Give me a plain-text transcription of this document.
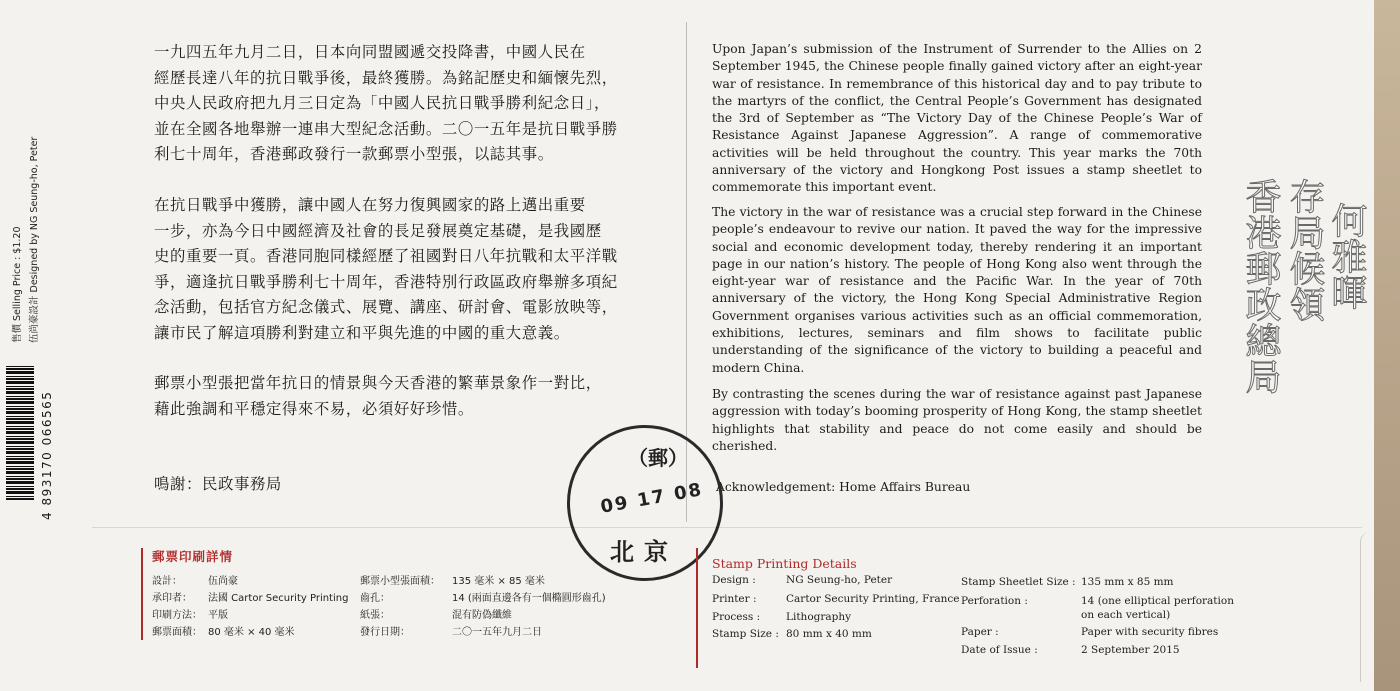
售價 Selling Price : $1.20 伍尚豪設計 Designed by NG Seung-ho, Peter
4 893170 066565

一九四五年九月二日，日本向同盟國遞交投降書，中國人民在

經歷長達八年的抗日戰爭後，最終獲勝。為銘記歷史和緬懷先烈，

中央人民政府把九月三日定為「中國人民抗日戰爭勝利紀念日」，

並在全國各地舉辦一連串大型紀念活動。二〇一五年是抗日戰爭勝

利七十周年，香港郵政發行一款郵票小型張，以誌其事。

在抗日戰爭中獲勝，讓中國人在努力復興國家的路上邁出重要

一步，亦為今日中國經濟及社會的長足發展奠定基礎，是我國歷

史的重要一頁。香港同胞同樣經歷了祖國對日八年抗戰和太平洋戰

爭，適逢抗日戰爭勝利七十周年，香港特別行政區政府舉辦多項紀

念活動，包括官方紀念儀式、展覽、講座、研討會、電影放映等，

讓市民了解這項勝利對建立和平與先進的中國的重大意義。

郵票小型張把當年抗日的情景與今天香港的繁華景象作一對比，

藉此強調和平穩定得來不易，必須好好珍惜。

鳴謝：民政事務局
Upon Japan’s submission of the Instrument of Surrender to the Allies on 2 September 1945, the Chinese people finally gained victory after an eight-year war of resistance. In remembrance of this historical day and to pay tribute to the martyrs of the conflict, the Central People’s Government has designated the 3rd of September as “The Victory Day of the Chinese People’s War of Resistance Against Japanese Aggression”. A range of commemorative activities will be held throughout the country. This year marks the 70th anniversary of the victory and Hongkong Post issues a stamp sheetlet to commemorate this important event.
The victory in the war of resistance was a crucial step forward in the Chinese people’s endeavour to revive our nation. It paved the way for the impressive social and economic development today, thereby rendering it an important page in our nation’s history. The people of Hong Kong also went through the eight-year war of resistance and the Pacific War. In the year of 70th anniversary of the victory, the Hong Kong Special Administrative Region Government organises various activities such as an official commemoration, exhibitions, lectures, seminars and film shows to facilitate public understanding of the significance of the victory to building a peaceful and modern China.
By contrasting the scenes during the war of resistance against past Japanese aggression with today’s booming prosperity of Hong Kong, the stamp sheetlet highlights that stability and peace do not come easily and should be cherished.
Acknowledgement: Home Affairs Bureau
香港郵政總局 存局候領 何雅暉
（郵）
09 17 08
北京
郵票印刷詳情
設計：	伍尚豪
承印者： 法國 Cartor Security Printing
印刷方法： 平版
郵票面積： 80 毫米 × 40 毫米
郵票小型張面積： 135 毫米 × 85 毫米
齒孔：	14 (兩面直邊各有一個橢圓形齒孔)
紙張：	混有防偽纖維
發行日期：	二〇一五年九月二日
Stamp Printing Details
Design :	NG Seung-ho, Peter
Printer :	Cartor Security Printing, France
Process : Lithography
Stamp Size : 80 mm x 40 mm
Stamp Sheetlet Size : 135 mm x 85 mm
Perforation :	14 (one elliptical perforation
on each vertical)
Paper :	Paper with security fibres
Date of Issue :	2 September 2015
